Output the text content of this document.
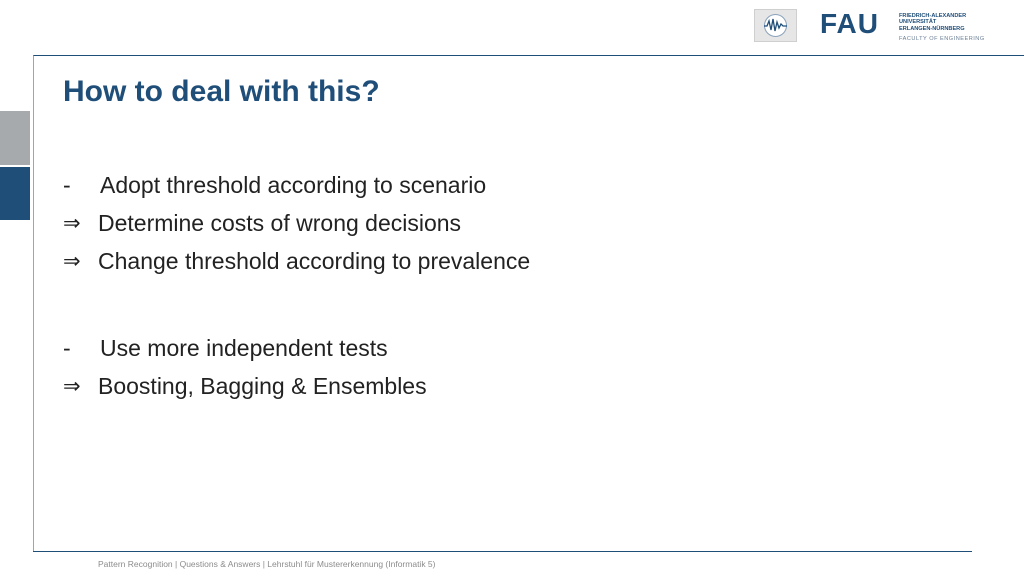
FAU	FRIEDRICH-ALEXANDER
UNIVERSITÄT
ERLANGEN-NÜRNBERG
FACULTY OF ENGINEERING
How to deal with this?
-	Adopt threshold according to scenario
⇒ Determine costs of wrong decisions
⇒ Change threshold according to prevalence
-	Use more independent tests
⇒ Boosting, Bagging & Ensembles
Pattern Recognition | Questions & Answers | Lehrstuhl für Mustererkennung (Informatik 5)
